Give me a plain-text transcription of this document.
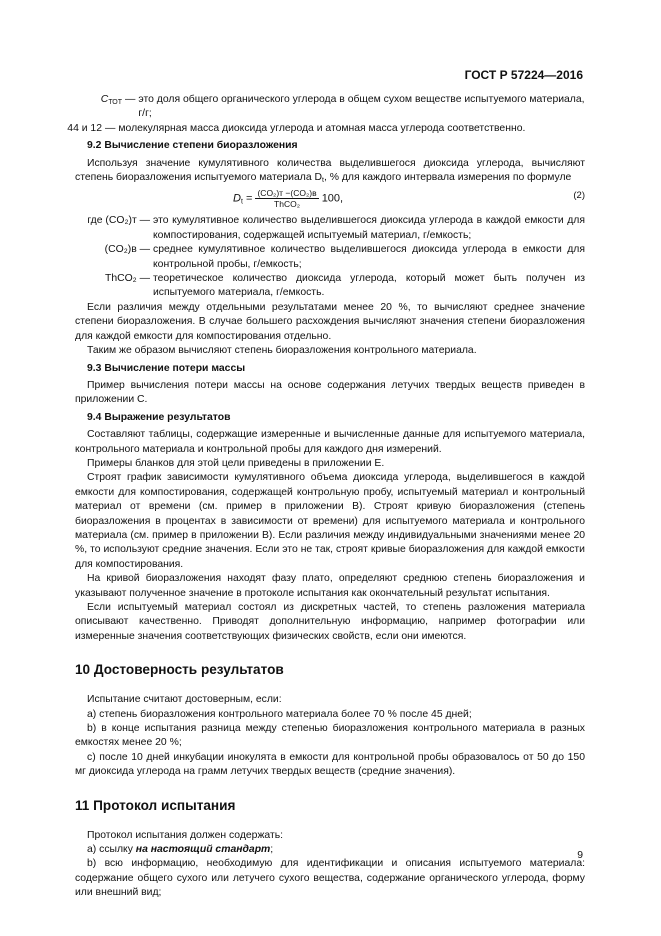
ГОСТ Р 57224—2016
$C_{ТОТ}$ — это доля общего органического углерода в общем сухом веществе испытуемого материала, г/г;
44 и 12 — молекулярная масса диоксида углерода и атомная масса углерода соответственно.

9.2 Вычисление степени биоразложения

Используя значение кумулятивного количества выделившегося диоксида углерода, вычисляют степень биоразложения испытуемого материала $D_t$, % для каждого интервала измерения по формуле

$D_t = \frac{\text{(CO₂)ᴛ −(CO₂)ʙ}}{\text{ThCO₂}} 100$,	(2)
где (CO₂)ᴛ — это кумулятивное количество выделившегося диоксида углерода в каждой емкости для компостирования, содержащей испытуемый материал, г/емкость;
(CO₂)ʙ — среднее кумулятивное количество выделившегося диоксида углерода в емкости для контрольной пробы, г/емкость;
ThCO₂ — теоретическое количество диоксида углерода, который может быть получен из испытуемого материала, г/емкость.

Если различия между отдельными результатами менее 20 %, то вычисляют среднее значение степени биоразложения. В случае большего расхождения вычисляют значения степени биоразложения для каждой емкости для компостирования отдельно.

Таким же образом вычисляют степень биоразложения контрольного материала.

9.3 Вычисление потери массы

Пример вычисления потери массы на основе содержания летучих твердых веществ приведен в приложении С.

9.4 Выражение результатов

Составляют таблицы, содержащие измеренные и вычисленные данные для испытуемого материала, контрольного материала и контрольной пробы для каждого дня измерений.

Примеры бланков для этой цели приведены в приложении Е.

Строят график зависимости кумулятивного объема диоксида углерода, выделившегося в каждой емкости для компостирования, содержащей контрольную пробу, испытуемый материал и контрольный материал от времени (см. пример в приложении В). Строят кривую биоразложения (степень биоразложения в процентах в зависимости от времени) для испытуемого материала и контрольного материала (см. пример в приложении В). Если различия между индивидуальными значениями менее 20 %, то используют средние значения. Если это не так, строят кривые биоразложения для каждой емкости для компостирования.

На кривой биоразложения находят фазу плато, определяют среднюю степень биоразложения и указывают полученное значение в протоколе испытания как окончательный результат испытания.

Если испытуемый материал состоял из дискретных частей, то степень разложения материала описывают качественно. Приводят дополнительную информацию, например фотографии или измеренные значения соответствующих физических свойств, если они имеются.

10 Достоверность результатов

Испытание считают достоверным, если:

а) степень биоразложения контрольного материала более 70 % после 45 дней;

b) в конце испытания разница между степенью биоразложения контрольного материала в разных емкостях менее 20 %;

с) после 10 дней инкубации инокулята в емкости для контрольной пробы образовалось от 50 до 150 мг диоксида углерода на грамм летучих твердых веществ (средние значения).

11 Протокол испытания

Протокол испытания должен содержать:

а) ссылку на настоящий стандарт;

b) всю информацию, необходимую для идентификации и описания испытуемого материала: содержание общего сухого или летучего сухого вещества, содержание органического углерода, форму или внешний вид;

9
